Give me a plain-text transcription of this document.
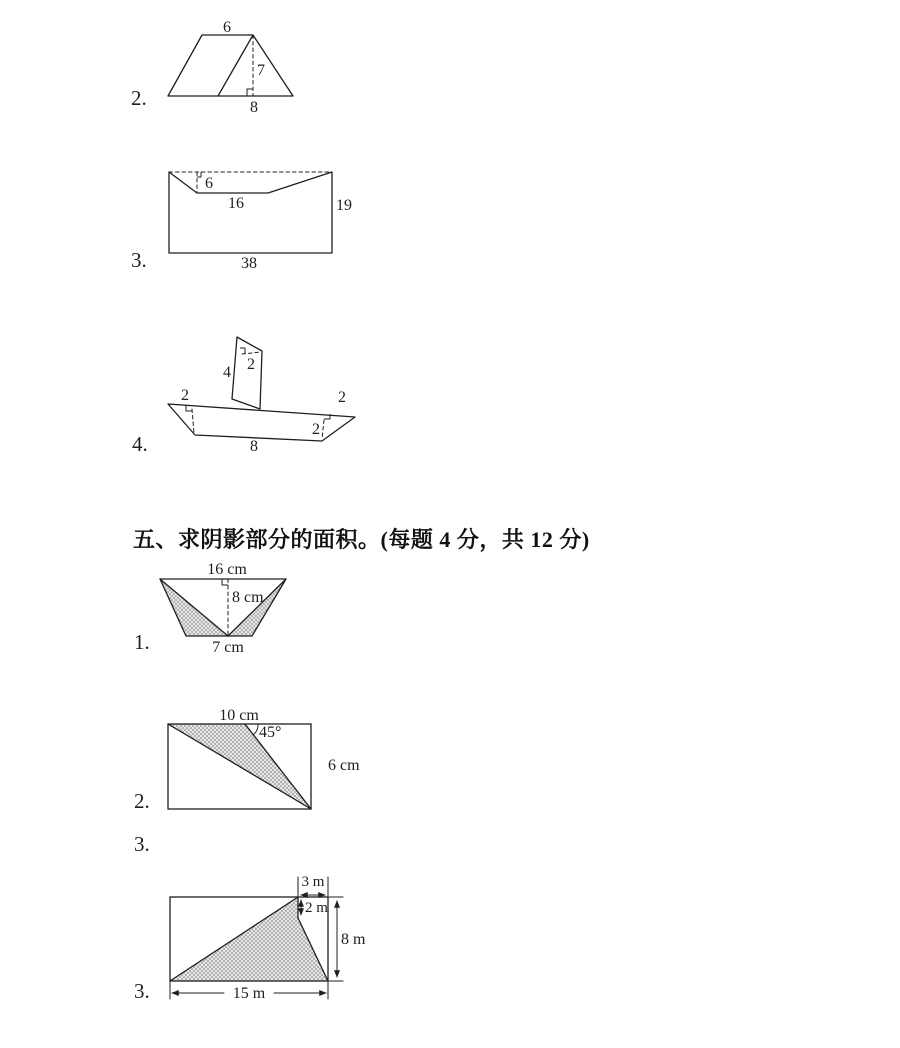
2.
6
7
8
3.
6
16	19
38
4.
4 2
2	2
2
8
五、求阴影部分的面积。(每题 4 分，共 12 分)
1.
16 cm
8 cm
7 cm
2.
10 cm
45°
6 cm
3.
3.
3 m
2 m
8 m
15 m
